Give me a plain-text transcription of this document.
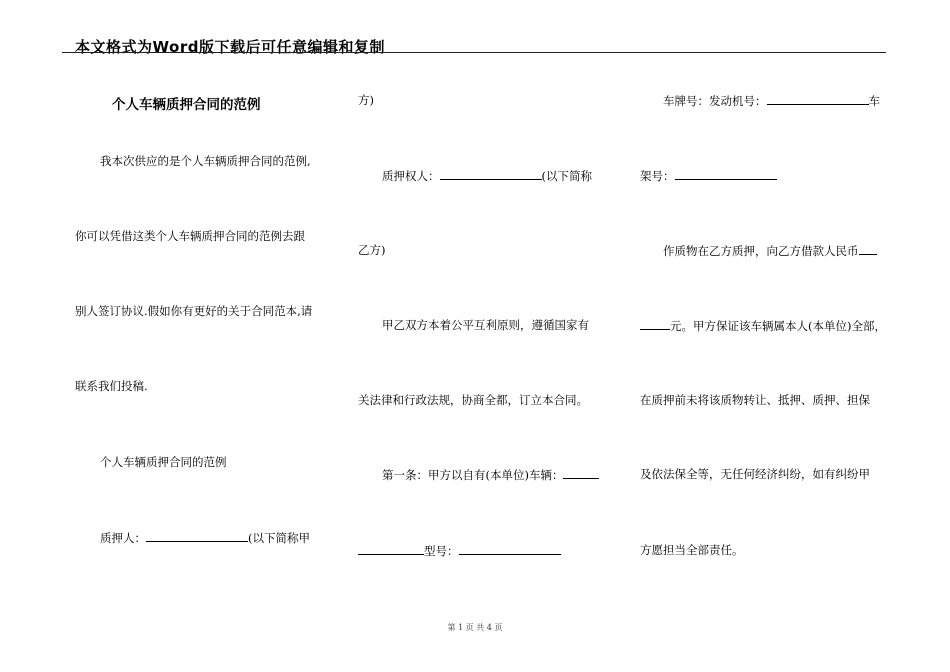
本文格式为Word版下载后可任意编辑和复制
个人车辆质押合同的范例
我本次供应的是个人车辆质押合同的范例,
你可以凭借这类个人车辆质押合同的范例去跟
别人签订协议.假如你有更好的关于合同范本,请
联系我们投稿.
个人车辆质押合同的范例
质押人：	(以下简称甲
方)
质押权人：	(以下简称
乙方)
甲乙双方本着公平互利原则，遵循国家有
关法律和行政法规，协商全都，订立本合同。
第一条：甲方以自有(本单位)车辆：
型号：
车牌号：发动机号：	车
架号：
作质物在乙方质押，向乙方借款人民币
元。甲方保证该车辆属本人(本单位)全部，
在质押前未将该质物转让、抵押、质押、担保
及依法保全等，无任何经济纠纷，如有纠纷甲
方愿担当全部责任。
第 1 页 共 4 页
